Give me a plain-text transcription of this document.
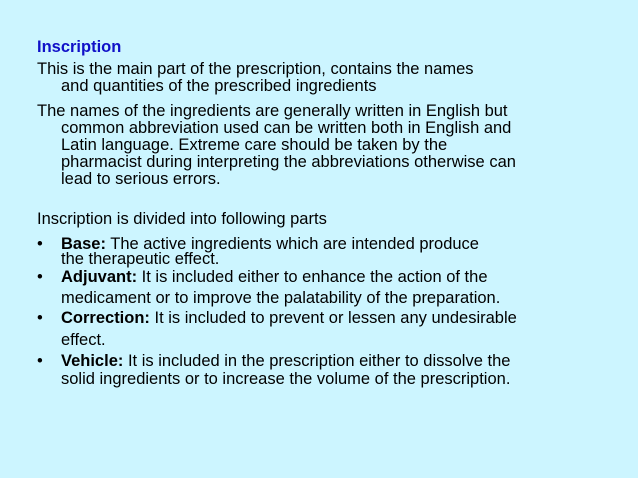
Inscription
This is the main part of the prescription, contains the names
and quantities of the prescribed ingredients
The names of the ingredients are generally written in English but
common abbreviation used can be written both in English and
Latin language. Extreme care should be taken by the
pharmacist during interpreting the abbreviations otherwise can
lead to serious errors.
Inscription is divided into following parts
• Base: The active ingredients which are intended produce
the therapeutic effect.
• Adjuvant: It is included either to enhance the action of the
medicament or to improve the palatability of the preparation.
• Correction: It is included to prevent or lessen any undesirable
effect.
• Vehicle: It is included in the prescription either to dissolve the
solid ingredients or to increase the volume of the prescription.
